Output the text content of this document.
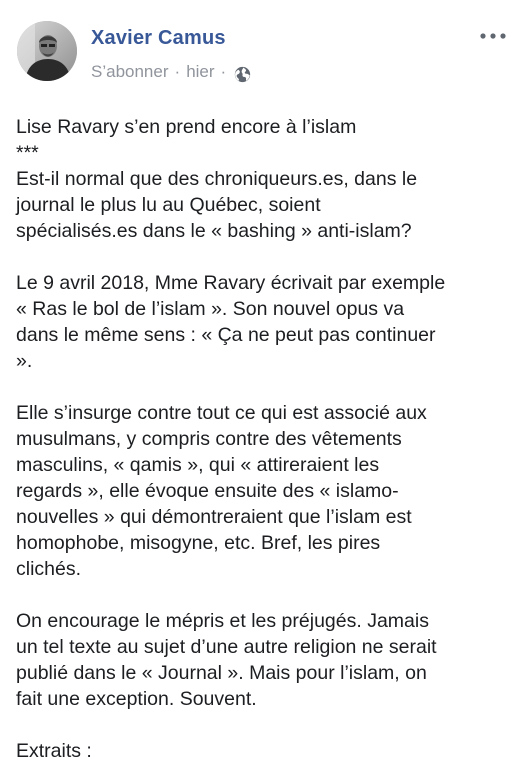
Xavier Camus
S’abonner · hier ·
Lise Ravary s’en prend encore à l’islam
***
Est-il normal que des chroniqueurs.es, dans le
journal le plus lu au Québec, soient
spécialisés.es dans le « bashing » anti-islam?
Le 9 avril 2018, Mme Ravary écrivait par exemple
« Ras le bol de l’islam ». Son nouvel opus va
dans le même sens : « Ça ne peut pas continuer
».
Elle s’insurge contre tout ce qui est associé aux
musulmans, y compris contre des vêtements
masculins, « qamis », qui « attireraient les
regards », elle évoque ensuite des « islamo-
nouvelles » qui démontreraient que l’islam est
homophobe, misogyne, etc. Bref, les pires
clichés.
On encourage le mépris et les préjugés. Jamais
un tel texte au sujet d’une autre religion ne serait
publié dans le « Journal ». Mais pour l’islam, on
fait une exception. Souvent.
Extraits :
